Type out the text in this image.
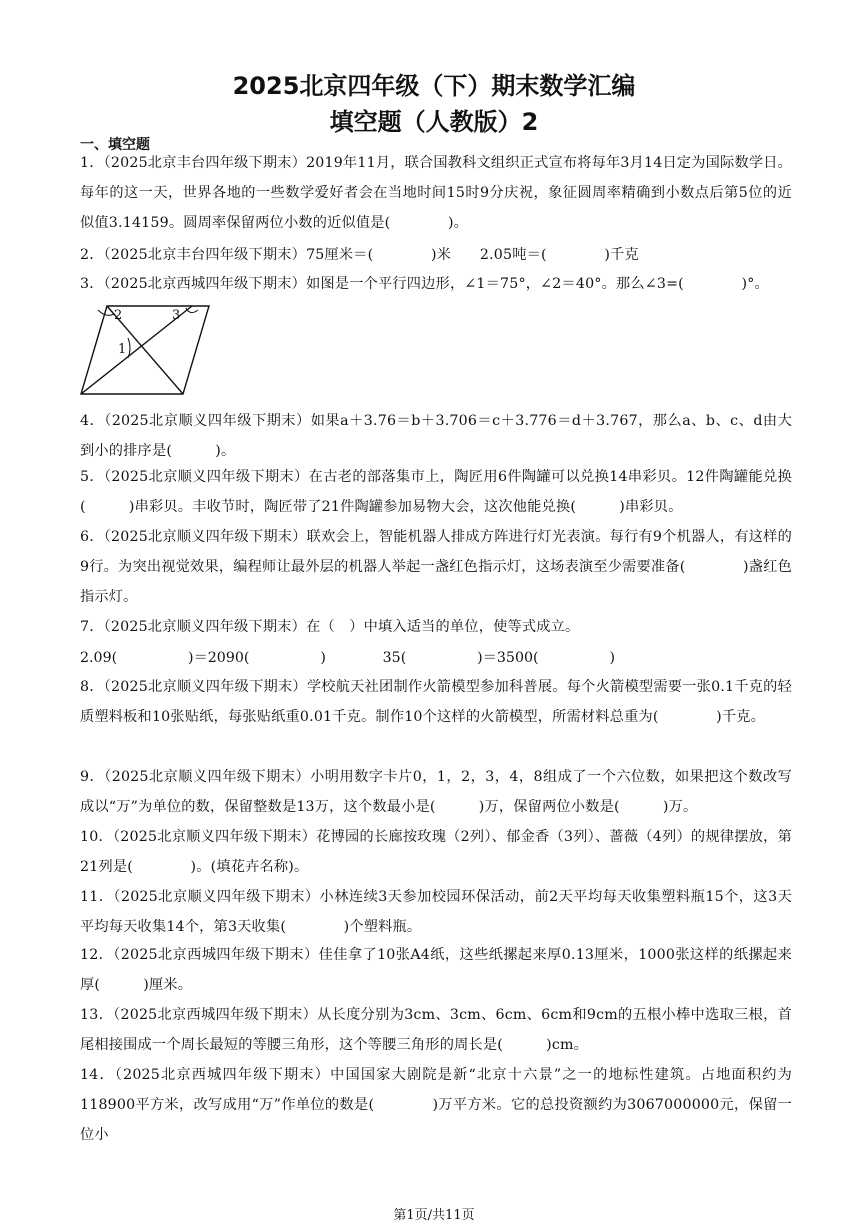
2025北京四年级（下）期末数学汇编
填空题（人教版）2
一、填空题
1．（2025北京丰台四年级下期末）2019年11月，联合国教科文组织正式宣布将每年3月14日定为国际数学日。每年的这一天，世界各地的一些数学爱好者会在当地时间15时9分庆祝，象征圆周率精确到小数点后第5位的近似值3.14159。圆周率保留两位小数的近似值是(　　　　)。
2．（2025北京丰台四年级下期末）75厘米＝(　　　　)米　　2.05吨＝(　　　　)千克
3．（2025北京西城四年级下期末）如图是一个平行四边形，∠1＝75°，∠2＝40°。那么∠3=(　　　　)°。
2	3
1
4．（2025北京顺义四年级下期末）如果a＋3.76＝b＋3.706＝c＋3.776＝d＋3.767，那么a、b、c、d由大到小的排序是(　　　)。
5．（2025北京顺义四年级下期末）在古老的部落集市上，陶匠用6件陶罐可以兑换14串彩贝。12件陶罐能兑换(　　　)串彩贝。丰收节时，陶匠带了21件陶罐参加易物大会，这次他能兑换(　　　)串彩贝。
6．（2025北京顺义四年级下期末）联欢会上，智能机器人排成方阵进行灯光表演。每行有9个机器人，有这样的9行。为突出视觉效果，编程师让最外层的机器人举起一盏红色指示灯，这场表演至少需要准备(　　　　)盏红色指示灯。
7．（2025北京顺义四年级下期末）在（　）中填入适当的单位，使等式成立。
2.09(　　　　　)＝2090(　　　　　)　　　　35(　　　　　)＝3500(　　　　　)
8．（2025北京顺义四年级下期末）学校航天社团制作火箭模型参加科普展。每个火箭模型需要一张0.1千克的轻质塑料板和10张贴纸，每张贴纸重0.01千克。制作10个这样的火箭模型，所需材料总重为(　　　　)千克。
9．（2025北京顺义四年级下期末）小明用数字卡片0，1，2，3，4，8组成了一个六位数，如果把这个数改写成以“万”为单位的数，保留整数是13万，这个数最小是(　　　)万，保留两位小数是(　　　)万。
10．（2025北京顺义四年级下期末）花博园的长廊按玫瑰（2列）、郁金香（3列）、蔷薇（4列）的规律摆放，第21列是(　　　　)。(填花卉名称)。
11．（2025北京顺义四年级下期末）小林连续3天参加校园环保活动，前2天平均每天收集塑料瓶15个，这3天平均每天收集14个，第3天收集(　　　　)个塑料瓶。
12．（2025北京西城四年级下期末）佳佳拿了10张A4纸，这些纸摞起来厚0.13厘米，1000张这样的纸摞起来厚(　　　)厘米。
13．（2025北京西城四年级下期末）从长度分别为3cm、3cm、6cm、6cm和9cm的五根小棒中选取三根，首尾相接围成一个周长最短的等腰三角形，这个等腰三角形的周长是(　　　)cm。
14．（2025北京西城四年级下期末）中国国家大剧院是新“北京十六景”之一的地标性建筑。占地面积约为118900平方米，改写成用“万”作单位的数是(　　　　)万平方米。它的总投资额约为3067000000元，保留一位小
第1页/共11页
